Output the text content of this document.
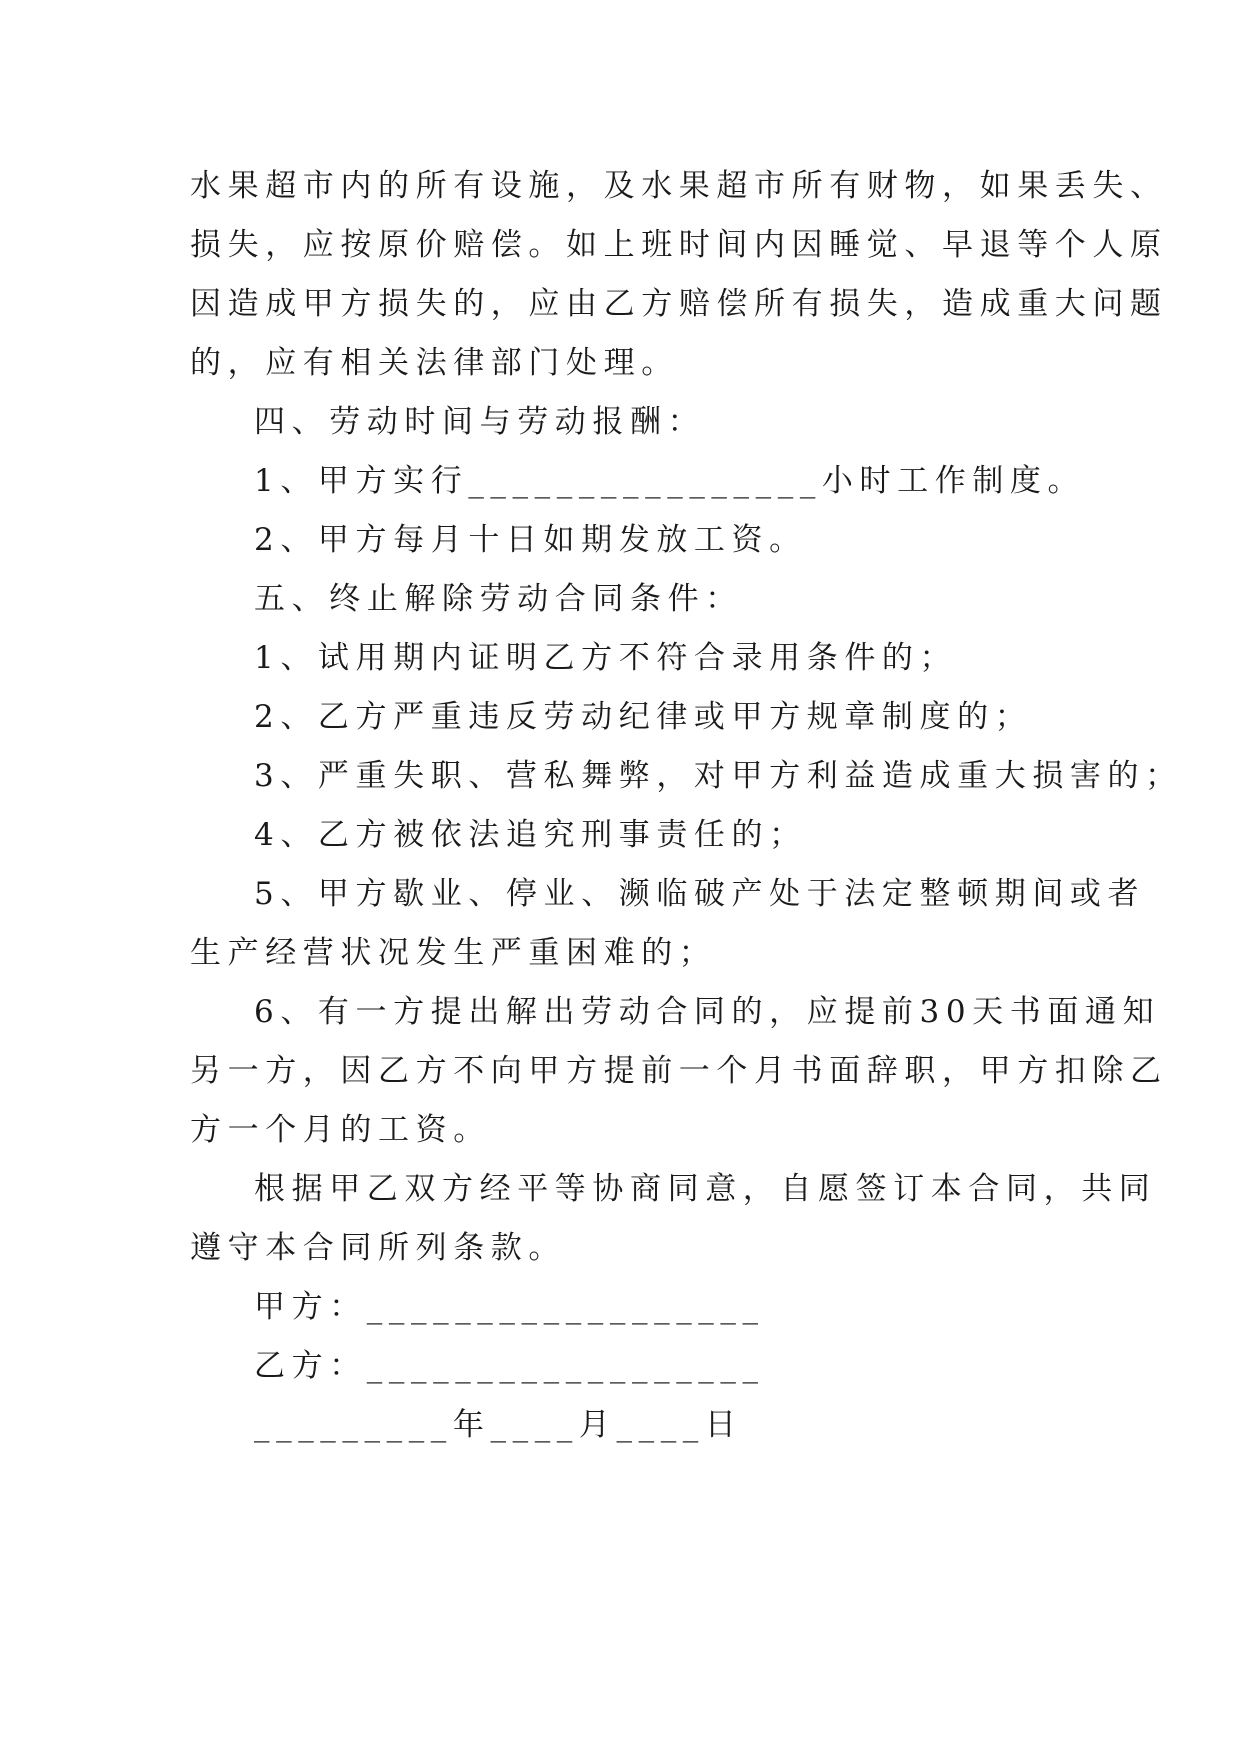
水果超市内的所有设施，及水果超市所有财物，如果丢失、
损失，应按原价赔偿。如上班时间内因睡觉、早退等个人原
因造成甲方损失的，应由乙方赔偿所有损失，造成重大问题
的，应有相关法律部门处理。
四、劳动时间与劳动报酬：
1、甲方实行________________小时工作制度。
2、甲方每月十日如期发放工资。
五、终止解除劳动合同条件：
1、试用期内证明乙方不符合录用条件的；
2、乙方严重违反劳动纪律或甲方规章制度的；
3、严重失职、营私舞弊，对甲方利益造成重大损害的；
4、乙方被依法追究刑事责任的；
5、甲方歇业、停业、濒临破产处于法定整顿期间或者
生产经营状况发生严重困难的；
6、有一方提出解出劳动合同的，应提前30天书面通知
另一方，因乙方不向甲方提前一个月书面辞职，甲方扣除乙
方一个月的工资。
根据甲乙双方经平等协商同意，自愿签订本合同，共同
遵守本合同所列条款。
甲方：__________________
乙方：__________________
_________年____月____日
